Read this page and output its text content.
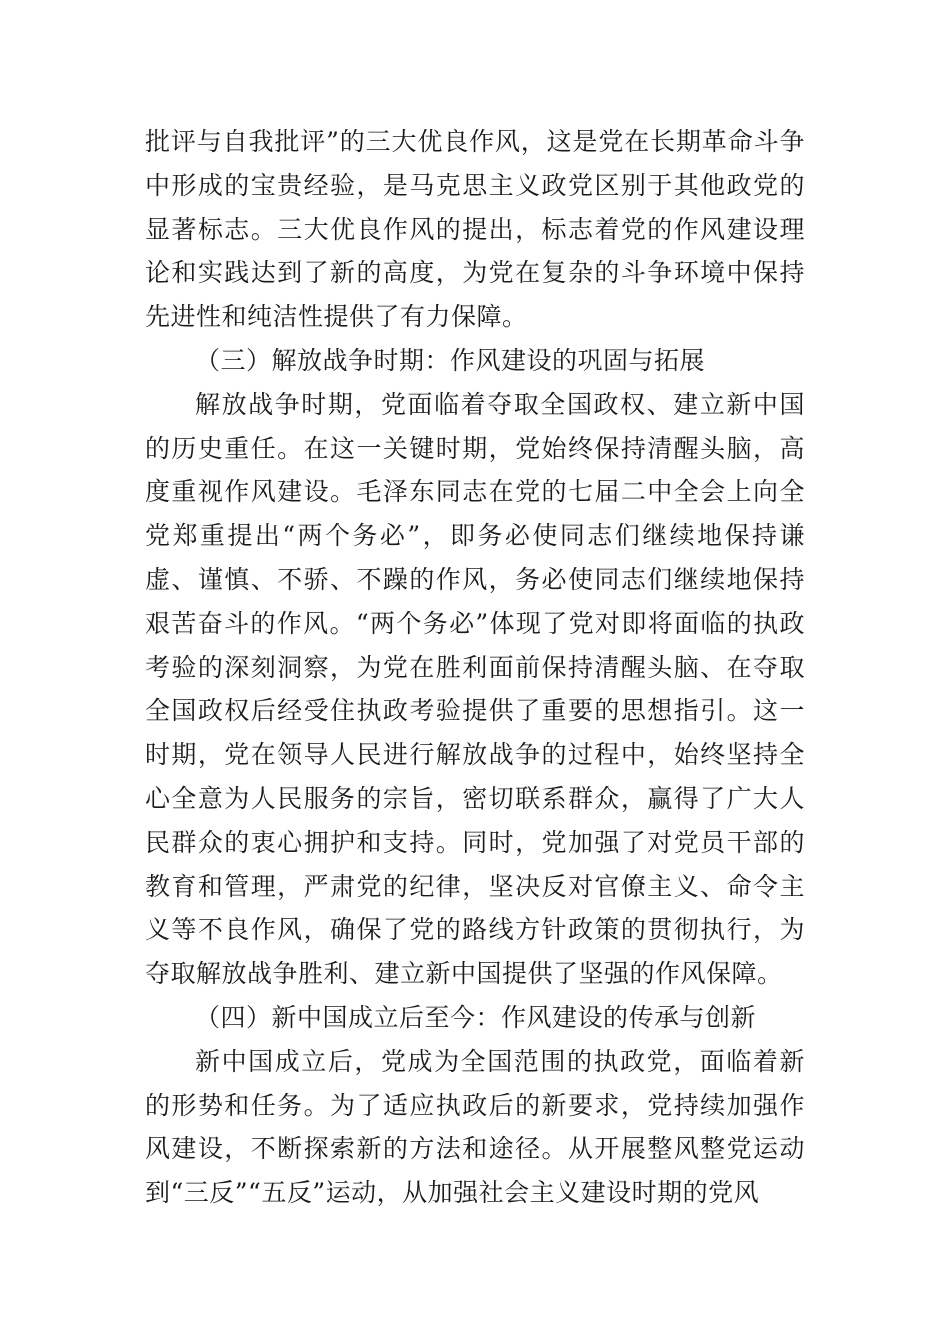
批评与自我批评”的三大优良作风，这是党在长期革命斗争中形成的宝贵经验，是马克思主义政党区别于其他政党的显著标志。三大优良作风的提出，标志着党的作风建设理论和实践达到了新的高度，为党在复杂的斗争环境中保持先进性和纯洁性提供了有力保障。

（三）解放战争时期：作风建设的巩固与拓展

解放战争时期，党面临着夺取全国政权、建立新中国的历史重任。在这一关键时期，党始终保持清醒头脑，高度重视作风建设。毛泽东同志在党的七届二中全会上向全党郑重提出“两个务必”，即务必使同志们继续地保持谦虚、谨慎、不骄、不躁的作风，务必使同志们继续地保持艰苦奋斗的作风。“两个务必”体现了党对即将面临的执政考验的深刻洞察，为党在胜利面前保持清醒头脑、在夺取全国政权后经受住执政考验提供了重要的思想指引。这一时期，党在领导人民进行解放战争的过程中，始终坚持全心全意为人民服务的宗旨，密切联系群众，赢得了广大人民群众的衷心拥护和支持。同时，党加强了对党员干部的教育和管理，严肃党的纪律，坚决反对官僚主义、命令主义等不良作风，确保了党的路线方针政策的贯彻执行，为夺取解放战争胜利、建立新中国提供了坚强的作风保障。

（四）新中国成立后至今：作风建设的传承与创新

新中国成立后，党成为全国范围的执政党，面临着新的形势和任务。为了适应执政后的新要求，党持续加强作风建设，不断探索新的方法和途径。从开展整风整党运动到“三反”“五反”运动，从加强社会主义建设时期的党风
